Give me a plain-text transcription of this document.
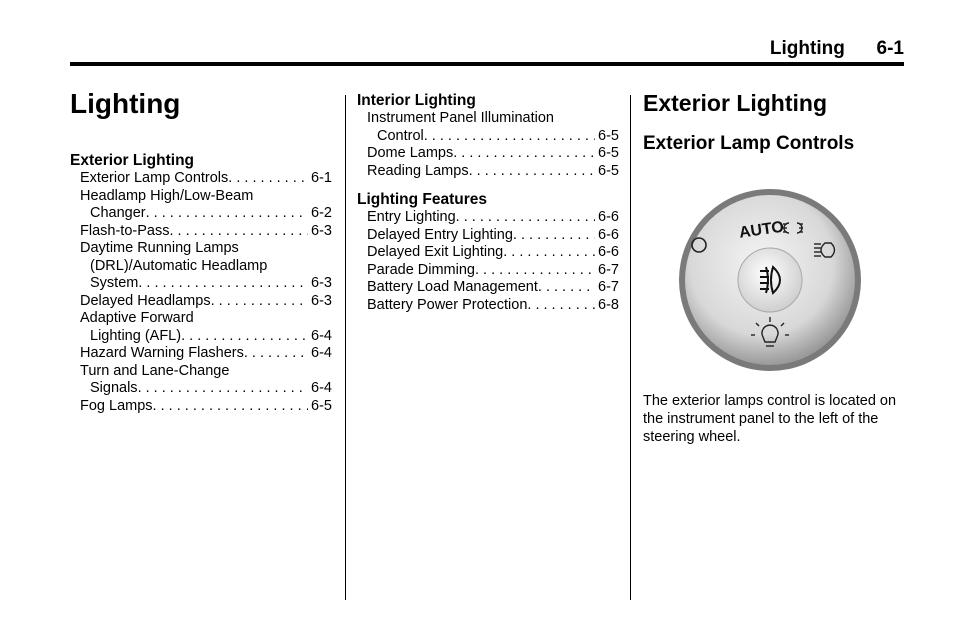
Lighting 6-1
Lighting
Exterior Lighting
Exterior Lamp Controls . . .	6-1
Headlamp High/Low-Beam
Changer . . .	6-2
Flash-to-Pass . . .	6-3
Daytime Running Lamps
(DRL)/Automatic Headlamp
System . . .	6-3
Delayed Headlamps . . .	6-3
Adaptive Forward
Lighting (AFL) . . .	6-4
Hazard Warning Flashers . . .	6-4
Turn and Lane-Change
Signals . . .	6-4
Fog Lamps . . .	6-5
Interior Lighting
Instrument Panel Illumination
Control . . .	6-5
Dome Lamps . . .	6-5
Reading Lamps . . .	6-5
Lighting Features
Entry Lighting . . .	6-6
Delayed Entry Lighting . . .	6-6
Delayed Exit Lighting . . .	6-6
Parade Dimming . . .	6-7
Battery Load Management . . .	6-7
Battery Power Protection . . .	6-8
Exterior Lighting
Exterior Lamp Controls
AUTO
The exterior lamps control is located on the instrument panel to the left of the steering wheel.
